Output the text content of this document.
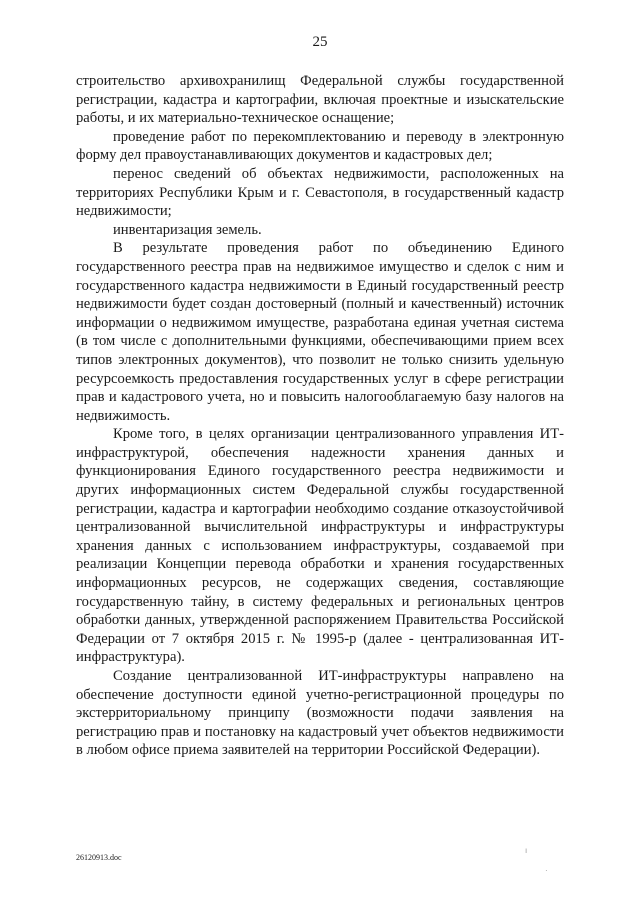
25

строительство архивохранилищ Федеральной службы государственной регистрации, кадастра и картографии, включая проектные и изыскательские работы, и их материально-техническое оснащение;

проведение работ по перекомплектованию и переводу в электронную форму дел правоустанавливающих документов и кадастровых дел;

перенос сведений об объектах недвижимости, расположенных на территориях Республики Крым и г. Севастополя, в государственный кадастр недвижимости;

инвентаризация земель.

В результате проведения работ по объединению Единого государственного реестра прав на недвижимое имущество и сделок с ним и государственного кадастра недвижимости в Единый государственный реестр недвижимости будет создан достоверный (полный и качественный) источник информации о недвижимом имуществе, разработана единая учетная система (в том числе с дополнительными функциями, обеспечивающими прием всех типов электронных документов), что позволит не только снизить удельную ресурсоемкость предоставления государственных услуг в сфере регистрации прав и кадастрового учета, но и повысить налогооблагаемую базу налогов на недвижимость.

Кроме того, в целях организации централизованного управления ИТ-инфраструктурой, обеспечения надежности хранения данных и функционирования Единого государственного реестра недвижимости и других информационных систем Федеральной службы государственной регистрации, кадастра и картографии необходимо создание отказоустойчивой централизованной вычислительной инфраструктуры и инфраструктуры хранения данных с использованием инфраструктуры, создаваемой при реализации Концепции перевода обработки и хранения государственных информационных ресурсов, не содержащих сведения, составляющие государственную тайну, в систему федеральных и региональных центров обработки данных, утвержденной распоряжением Правительства Российской Федерации от 7 октября 2015 г. № 1995-р (далее - централизованная ИТ-инфраструктура).

Создание централизованной ИТ-инфраструктуры направлено на обеспечение доступности единой учетно-регистрационной процедуры по экстерриториальному принципу (возможности подачи заявления на регистрацию прав и постановку на кадастровый учет объектов недвижимости в любом офисе приема заявителей на территории Российской Федерации).

26120913.doc
ı
·
